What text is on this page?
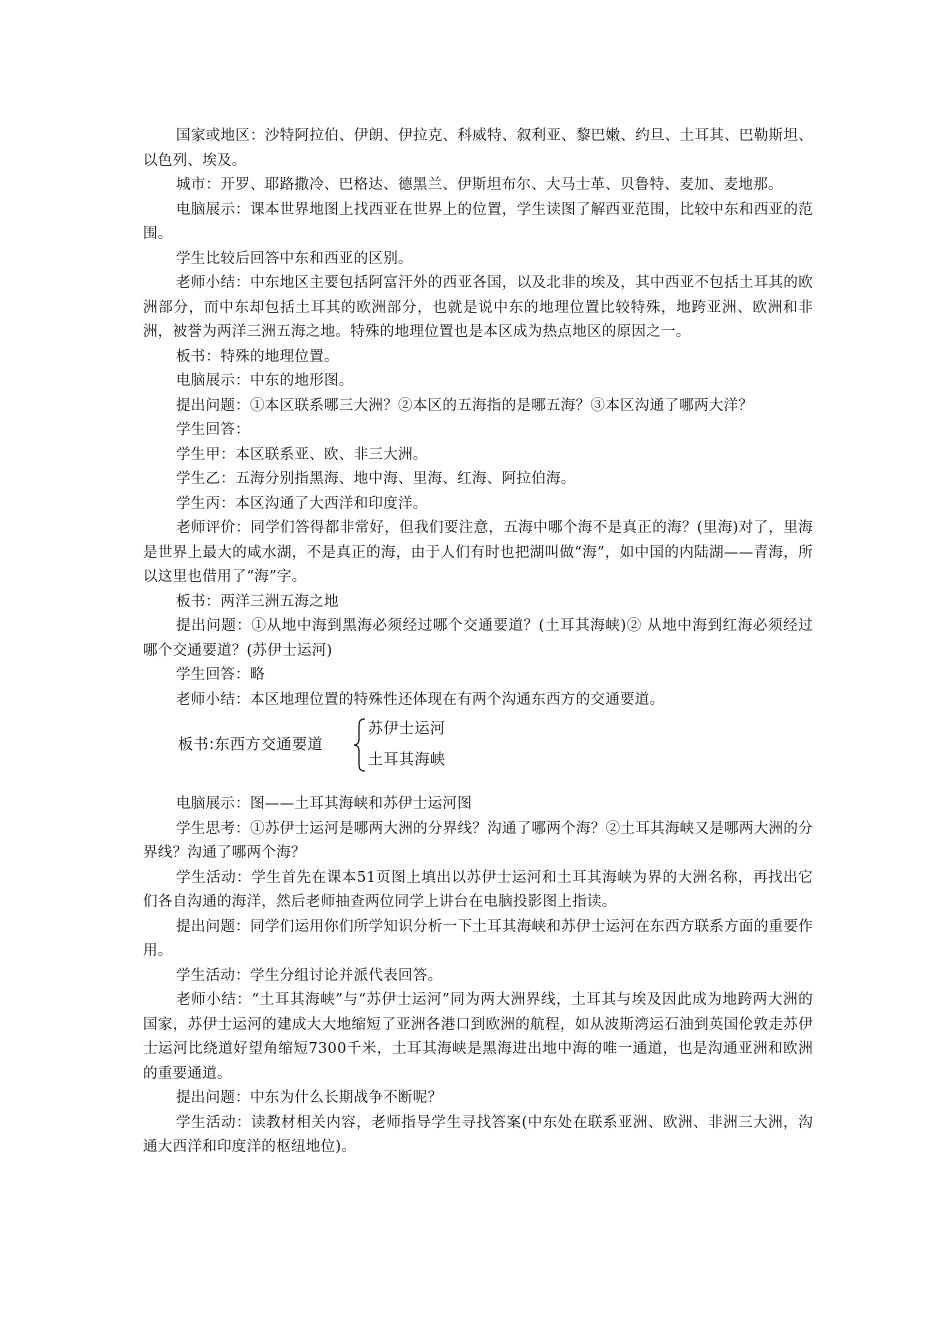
国家或地区：沙特阿拉伯、伊朗、伊拉克、科威特、叙利亚、黎巴嫩、约旦、土耳其、巴勒斯坦、以色列、埃及。

城市：开罗、耶路撒冷、巴格达、德黑兰、伊斯坦布尔、大马士革、贝鲁特、麦加、麦地那。

电脑展示：课本世界地图上找西亚在世界上的位置，学生读图了解西亚范围，比较中东和西亚的范围。

学生比较后回答中东和西亚的区别。

老师小结：中东地区主要包括阿富汗外的西亚各国，以及北非的埃及，其中西亚不包括土耳其的欧洲部分，而中东却包括土耳其的欧洲部分，也就是说中东的地理位置比较特殊，地跨亚洲、欧洲和非洲，被誉为两洋三洲五海之地。特殊的地理位置也是本区成为热点地区的原因之一。

板书：特殊的地理位置。

电脑展示：中东的地形图。

提出问题：①本区联系哪三大洲？②本区的五海指的是哪五海？③本区沟通了哪两大洋？

学生回答：

学生甲：本区联系亚、欧、非三大洲。

学生乙：五海分别指黑海、地中海、里海、红海、阿拉伯海。

学生丙：本区沟通了大西洋和印度洋。

老师评价：同学们答得都非常好，但我们要注意，五海中哪个海不是真正的海？(里海)对了，里海是世界上最大的咸水湖，不是真正的海，由于人们有时也把湖叫做“海”，如中国的内陆湖——青海，所以这里也借用了“海”字。

板书：两洋三洲五海之地

提出问题：①从地中海到黑海必须经过哪个交通要道？(土耳其海峡)② 从地中海到红海必须经过哪个交通要道？(苏伊士运河)

学生回答：略

老师小结：本区地理位置的特殊性还体现在有两个沟通东西方的交通要道。

板书:东西方交通要道
苏伊士运河
土耳其海峡

电脑展示：图——土耳其海峡和苏伊士运河图

学生思考：①苏伊士运河是哪两大洲的分界线？沟通了哪两个海？②土耳其海峡又是哪两大洲的分界线？沟通了哪两个海？

学生活动：学生首先在课本51页图上填出以苏伊士运河和土耳其海峡为界的大洲名称，再找出它们各自沟通的海洋，然后老师抽查两位同学上讲台在电脑投影图上指读。

提出问题：同学们运用你们所学知识分析一下土耳其海峡和苏伊士运河在东西方联系方面的重要作用。

学生活动：学生分组讨论并派代表回答。

老师小结：“土耳其海峡”与“苏伊士运河”同为两大洲界线，土耳其与埃及因此成为地跨两大洲的国家，苏伊士运河的建成大大地缩短了亚洲各港口到欧洲的航程，如从波斯湾运石油到英国伦敦走苏伊士运河比绕道好望角缩短7300千米，土耳其海峡是黑海进出地中海的唯一通道，也是沟通亚洲和欧洲的重要通道。

提出问题：中东为什么长期战争不断呢？

学生活动：读教材相关内容，老师指导学生寻找答案(中东处在联系亚洲、欧洲、非洲三大洲，沟通大西洋和印度洋的枢纽地位)。
